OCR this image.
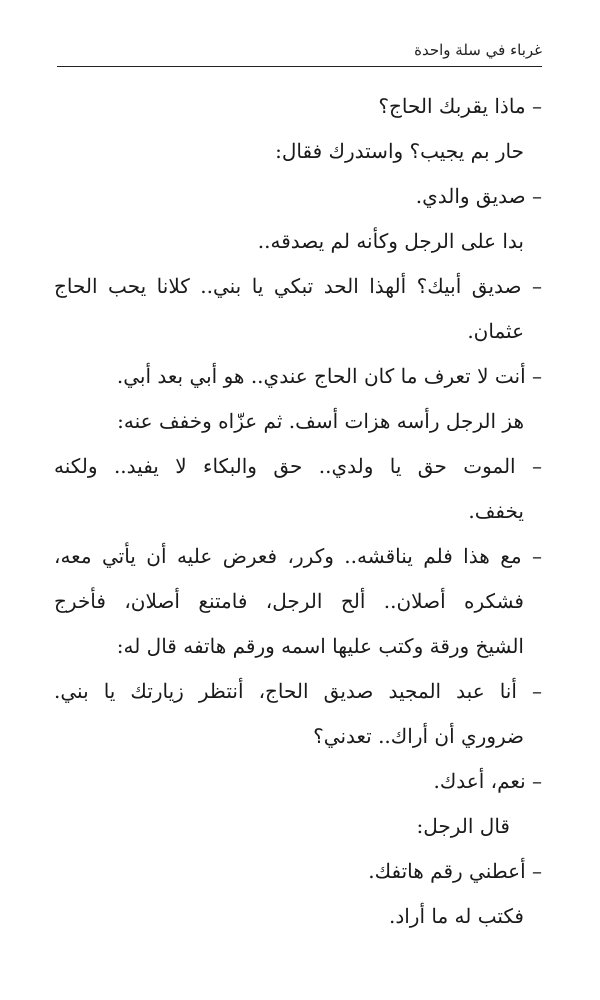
غرباء في سلة واحدة
– ماذا يقربك الحاج؟
حار بم يجيب؟ واستدرك فقال:
– صديق والدي.
بدا على الرجل وكأنه لم يصدقه..
– صديق أبيك؟ ألهذا الحد تبكي يا بني.. كلانا يحب الحاج
عثمان.
– أنت لا تعرف ما كان الحاج عندي.. هو أبي بعد أبي.
هز الرجل رأسه هزات أسف. ثم عزّاه وخفف عنه:
– الموت حق يا ولدي.. حق والبكاء لا يفيد.. ولكنه
يخفف.
– مع هذا فلم يناقشه.. وكرر، فعرض عليه أن يأتي معه،
فشكره أصلان.. ألح الرجل، فامتنع أصلان، فأخرج
الشيخ ورقة وكتب عليها اسمه ورقم هاتفه قال له:
– أنا عبد المجيد صديق الحاج، أنتظر زيارتك يا بني.
ضروري أن أراك.. تعدني؟
– نعم، أعدك.
قال الرجل:
– أعطني رقم هاتفك.
فكتب له ما أراد.
